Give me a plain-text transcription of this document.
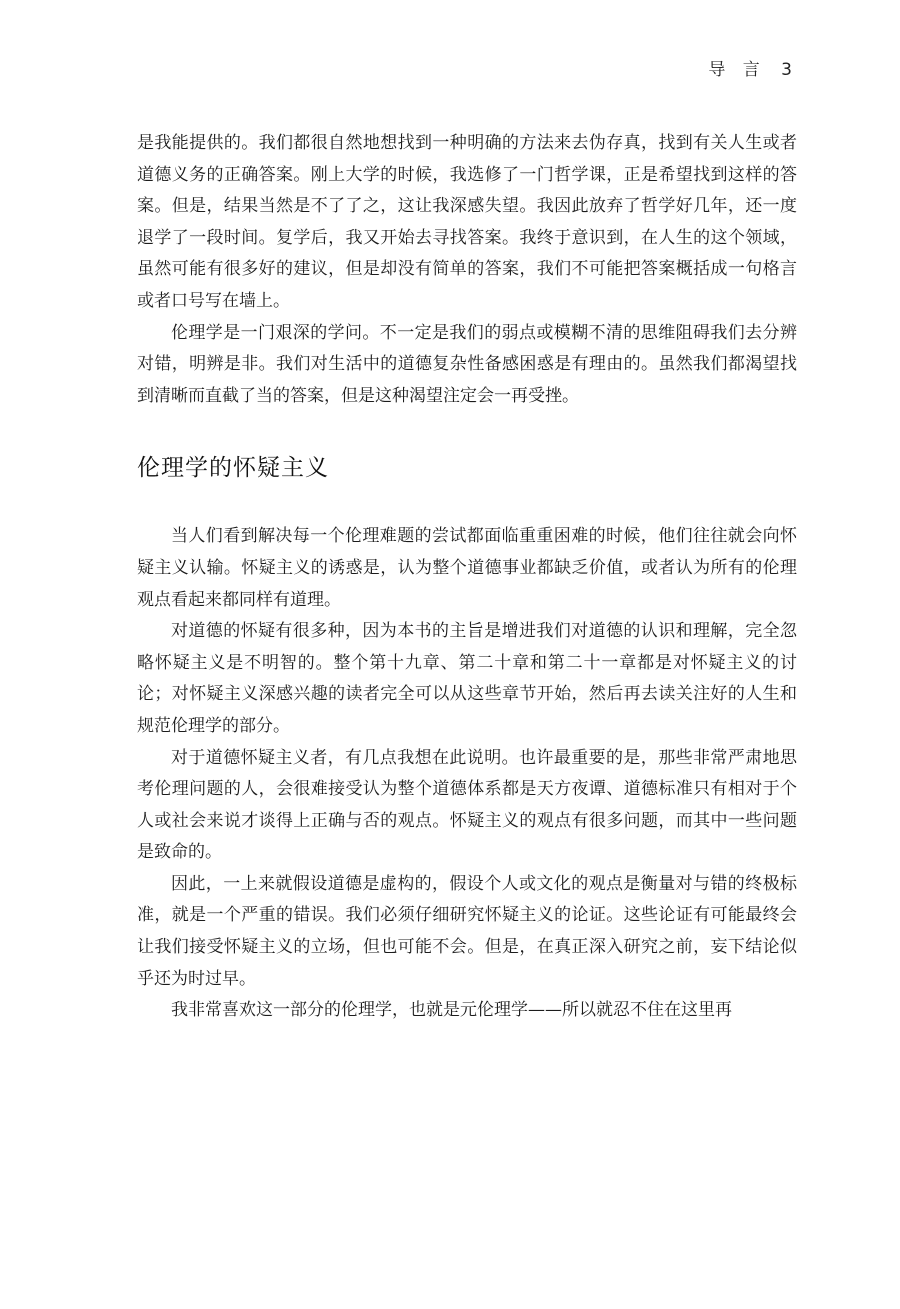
导 言 3

是我能提供的。我们都很自然地想找到一种明确的方法来去伪存真，找到有关人生或者道德义务的正确答案。刚上大学的时候，我选修了一门哲学课，正是希望找到这样的答案。但是，结果当然是不了了之，这让我深感失望。我因此放弃了哲学好几年，还一度退学了一段时间。复学后，我又开始去寻找答案。我终于意识到，在人生的这个领域，虽然可能有很多好的建议，但是却没有简单的答案，我们不可能把答案概括成一句格言或者口号写在墙上。

伦理学是一门艰深的学问。不一定是我们的弱点或模糊不清的思维阻碍我们去分辨对错，明辨是非。我们对生活中的道德复杂性备感困惑是有理由的。虽然我们都渴望找到清晰而直截了当的答案，但是这种渴望注定会一再受挫。

伦理学的怀疑主义

当人们看到解决每一个伦理难题的尝试都面临重重困难的时候，他们往往就会向怀疑主义认输。怀疑主义的诱惑是，认为整个道德事业都缺乏价值，或者认为所有的伦理观点看起来都同样有道理。

对道德的怀疑有很多种，因为本书的主旨是增进我们对道德的认识和理解，完全忽略怀疑主义是不明智的。整个第十九章、第二十章和第二十一章都是对怀疑主义的讨论；对怀疑主义深感兴趣的读者完全可以从这些章节开始，然后再去读关注好的人生和规范伦理学的部分。

对于道德怀疑主义者，有几点我想在此说明。也许最重要的是，那些非常严肃地思考伦理问题的人，会很难接受认为整个道德体系都是天方夜谭、道德标准只有相对于个人或社会来说才谈得上正确与否的观点。怀疑主义的观点有很多问题，而其中一些问题是致命的。

因此，一上来就假设道德是虚构的，假设个人或文化的观点是衡量对与错的终极标准，就是一个严重的错误。我们必须仔细研究怀疑主义的论证。这些论证有可能最终会让我们接受怀疑主义的立场，但也可能不会。但是，在真正深入研究之前，妄下结论似乎还为时过早。

我非常喜欢这一部分的伦理学，也就是元伦理学——所以就忍不住在这里再
